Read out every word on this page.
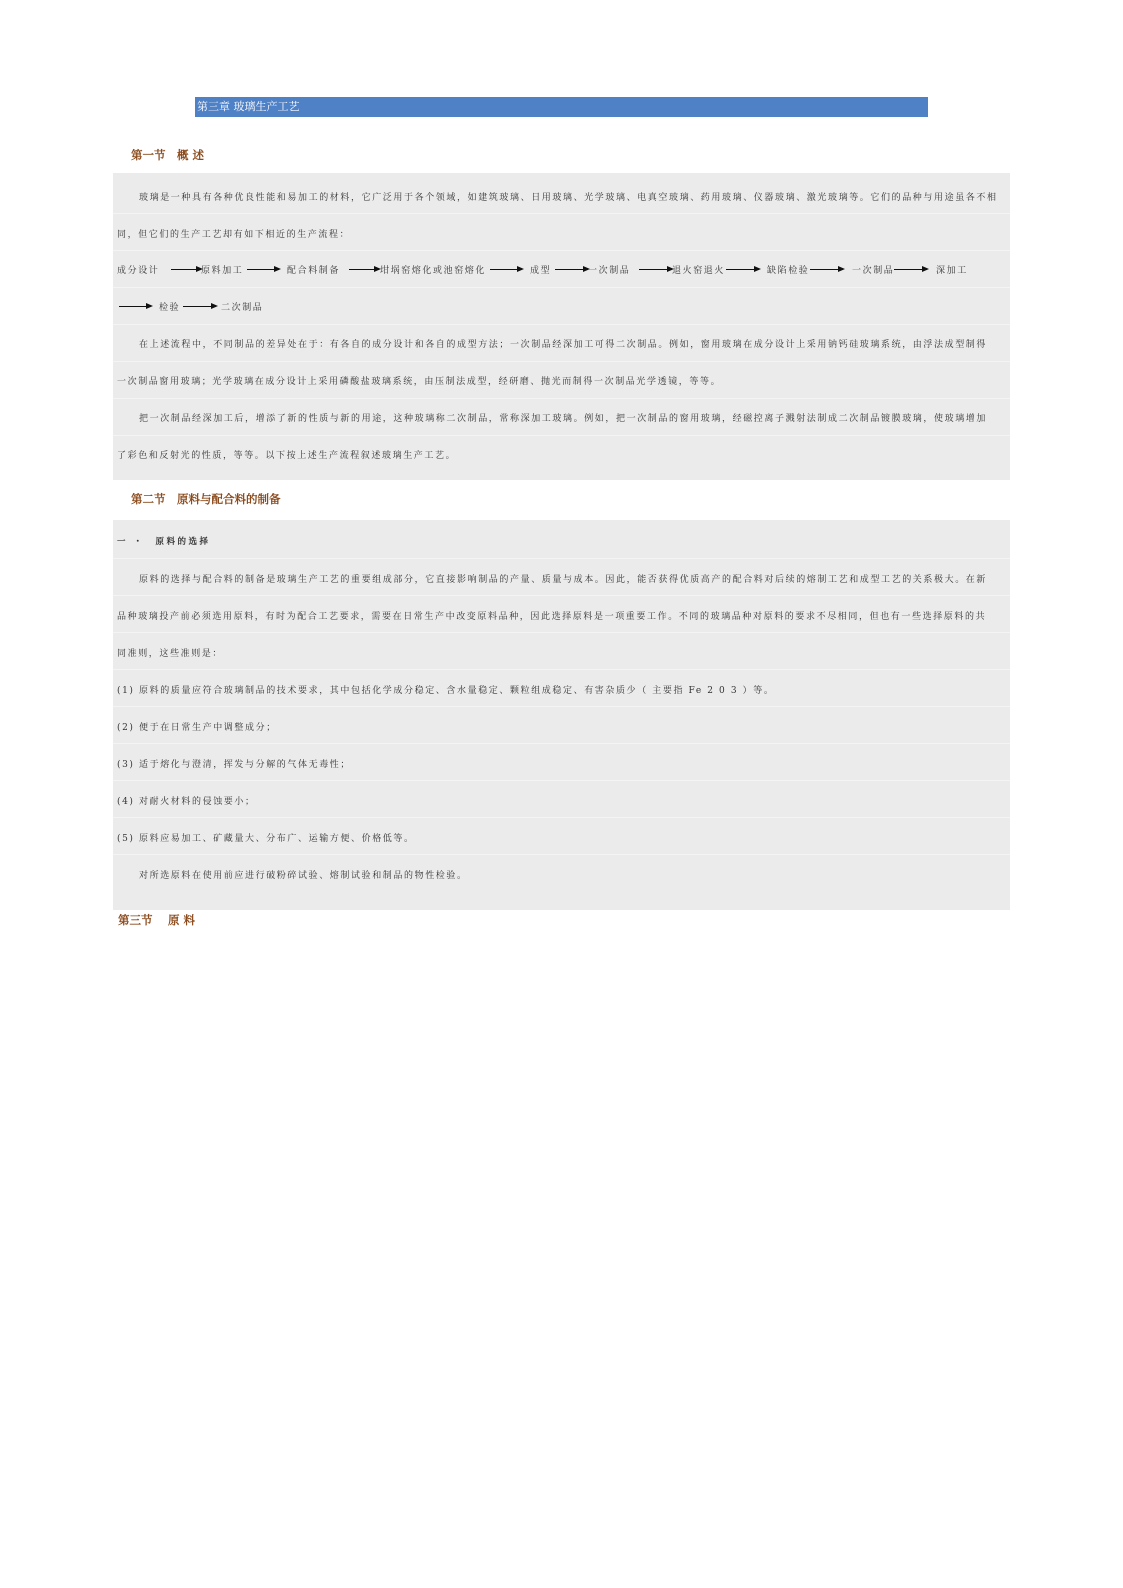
第三章 玻璃生产工艺
第一节　概 述
玻璃是一种具有各种优良性能和易加工的材料，它广泛用于各个领域，如建筑玻璃、日用玻璃、光学玻璃、电真空玻璃、药用玻璃、仪器玻璃、激光玻璃等。它们的品种与用途虽各不相
同，但它们的生产工艺却有如下相近的生产流程：
成分设计	原料加工	配合料制备	坩埚窑熔化或池窑熔化	成型	一次制品	退火窑退火	缺陷检验	一次制品	深加工
检验	二次制品
在上述流程中，不同制品的差异处在于：有各自的成分设计和各自的成型方法；一次制品经深加工可得二次制品。例如，窗用玻璃在成分设计上采用钠钙硅玻璃系统，由浮法成型制得
一次制品窗用玻璃；光学玻璃在成分设计上采用磷酸盐玻璃系统，由压制法成型，经研磨、抛光而制得一次制品光学透镜，等等。
把一次制品经深加工后，增添了新的性质与新的用途，这种玻璃称二次制品，常称深加工玻璃。例如，把一次制品的窗用玻璃，经磁控离子溅射法制成二次制品镀膜玻璃，使玻璃增加
了彩色和反射光的性质，等等。以下按上述生产流程叙述玻璃生产工艺。
第二节　原料与配合料的制备
一 ・　原料的选择
原料的选择与配合料的制备是玻璃生产工艺的重要组成部分，它直接影响制品的产量、质量与成本。因此，能否获得优质高产的配合料对后续的熔制工艺和成型工艺的关系极大。在新
品种玻璃投产前必须选用原料，有时为配合工艺要求，需要在日常生产中改变原料品种，因此选择原料是一项重要工作。不同的玻璃品种对原料的要求不尽相同，但也有一些选择原料的共
同准则，这些准则是：
(1) 原料的质量应符合玻璃制品的技术要求，其中包括化学成分稳定、含水量稳定、颗粒组成稳定、有害杂质少（ 主要指 Fe 2 0 3 ）等。
(2) 便于在日常生产中调整成分；
(3) 适于熔化与澄清，挥发与分解的气体无毒性；
(4) 对耐火材料的侵蚀要小；
(5) 原料应易加工、矿藏量大、分布广、运输方便、价格低等。
对所选原料在使用前应进行破粉碎试验、熔制试验和制品的物性检验。
第三节　 原 料
